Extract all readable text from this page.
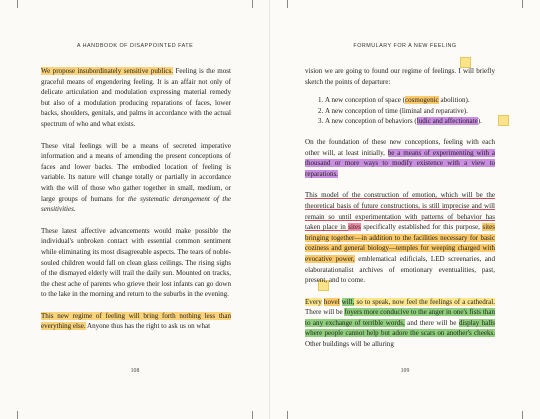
A HANDBOOK OF DISAPPOINTED FATE

We propose insubordinately sensitive publics. Feeling is the most graceful means of engendering feeling. It is an affair not only of delicate articulation and modulation expressing material remedy but also of a modulation producing reparations of faces, lower backs, shoulders, genitals, and palms in accordance with the actual spectrum of who and what exists.

These vital feelings will be a means of secreted imperative information and a means of amending the present conceptions of faces and lower backs. The embodied location of feeling is variable. Its nature will change totally or partially in accordance with the will of those who gather together in small, medium, or large groups of humans for the systematic derangement of the sensitivities.

These latest affective advancements would make possible the individual's unbroken contact with essential common sentiment while eliminating its most disagreeable aspects. The tears of noble-souled children would fall on clean glass ceilings. The rising sighs of the dismayed elderly will trail the daily sun. Mounted on tracks, the chest ache of parents who grieve their lost infants can go down to the lake in the morning and return to the suburbs in the evening.

This new regime of feeling will bring forth nothing less than everything else. Anyone thus has the right to ask us on what

108
FORMULARY FOR A NEW FEELING

vision we are going to found our regime of feelings. I will briefly sketch the points of departure:

1. A new conception of space (cosmogenic abolition).
2. A new conception of time (liminal and reparative).
3. A new conception of behaviors (ludic and affectionate).

On the foundation of these new conceptions, feeling with each other will, at least initially, be a means of experimenting with a thousand or more ways to modify existence with a view to reparations.

This model of the construction of emotion, which will be the theoretical basis of future constructions, is still imprecise and will remain so until experimentation with patterns of behavior has taken place in sites specifically established for this purpose, sites bringing together—in addition to the facilities necessary for basic coziness and general biology—temples for weeping charged with evocative power, emblematical edificials, LED screenaries, and elaboratationalist archives of emotionary eventualities, past, present, and to come.

Every hovel will, so to speak, now feel the feelings of a cathedral. There will be foyers more conducive to the anger in one's fists than to any exchange of terrible words, and there will be display halls where people cannot help but adore the scars on another's cheeks. Other buildings will be alluring

109
